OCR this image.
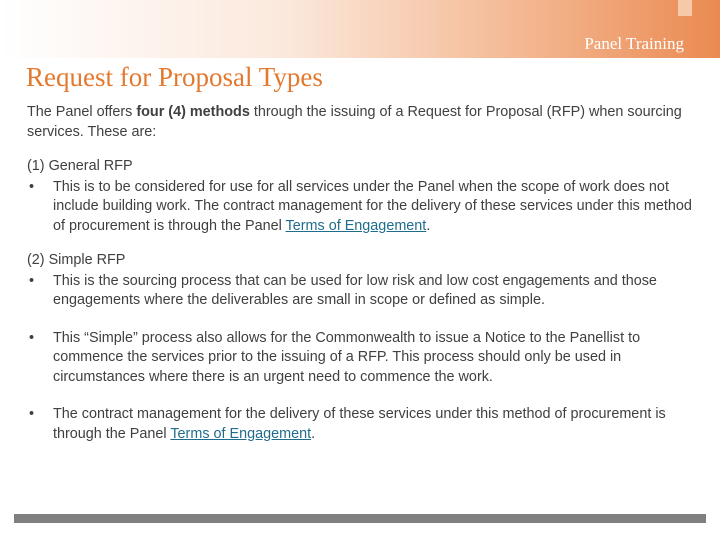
Panel Training
Request for Proposal Types

The Panel offers four (4) methods through the issuing of a Request for Proposal (RFP) when sourcing services. These are:

(1) General RFP

• This is to be considered for use for all services under the Panel when the scope of work does not include building work. The contract management for the delivery of these services under this method of procurement is through the Panel Terms of Engagement.

(2) Simple RFP

• This is the sourcing process that can be used for low risk and low cost engagements and those engagements where the deliverables are small in scope or defined as simple.
• This “Simple” process also allows for the Commonwealth to issue a Notice to the Panellist to commence the services prior to the issuing of a RFP. This process should only be used in circumstances where there is an urgent need to commence the work.
• The contract management for the delivery of these services under this method of procurement is through the Panel Terms of Engagement.
